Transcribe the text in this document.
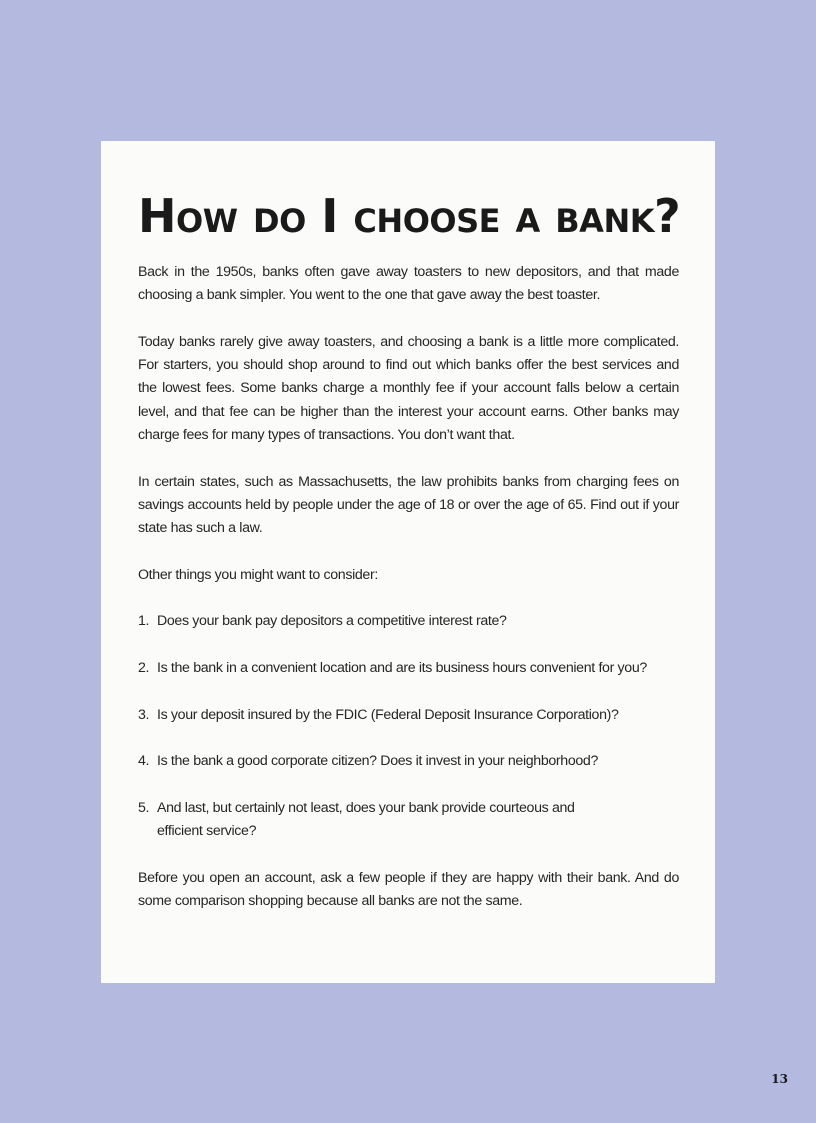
How do I choose a bank?

Back in the 1950s, banks often gave away toasters to new depositors, and that made choosing a bank simpler. You went to the one that gave away the best toaster.

Today banks rarely give away toasters, and choosing a bank is a little more complicated. For starters, you should shop around to find out which banks offer the best services and the lowest fees. Some banks charge a monthly fee if your account falls below a certain level, and that fee can be higher than the interest your account earns. Other banks may charge fees for many types of transactions. You don’t want that.

In certain states, such as Massachusetts, the law prohibits banks from charging fees on savings accounts held by people under the age of 18 or over the age of 65. Find out if your state has such a law.

Other things you might want to consider:

1. Does your bank pay depositors a competitive interest rate?
2. Is the bank in a convenient location and are its business hours convenient for you?
3. Is your deposit insured by the FDIC (Federal Deposit Insurance Corporation)?
4. Is the bank a good corporate citizen? Does it invest in your neighborhood?
5. And last, but certainly not least, does your bank provide courteous and efficient service?

Before you open an account, ask a few people if they are happy with their bank. And do some comparison shopping because all banks are not the same.

13
